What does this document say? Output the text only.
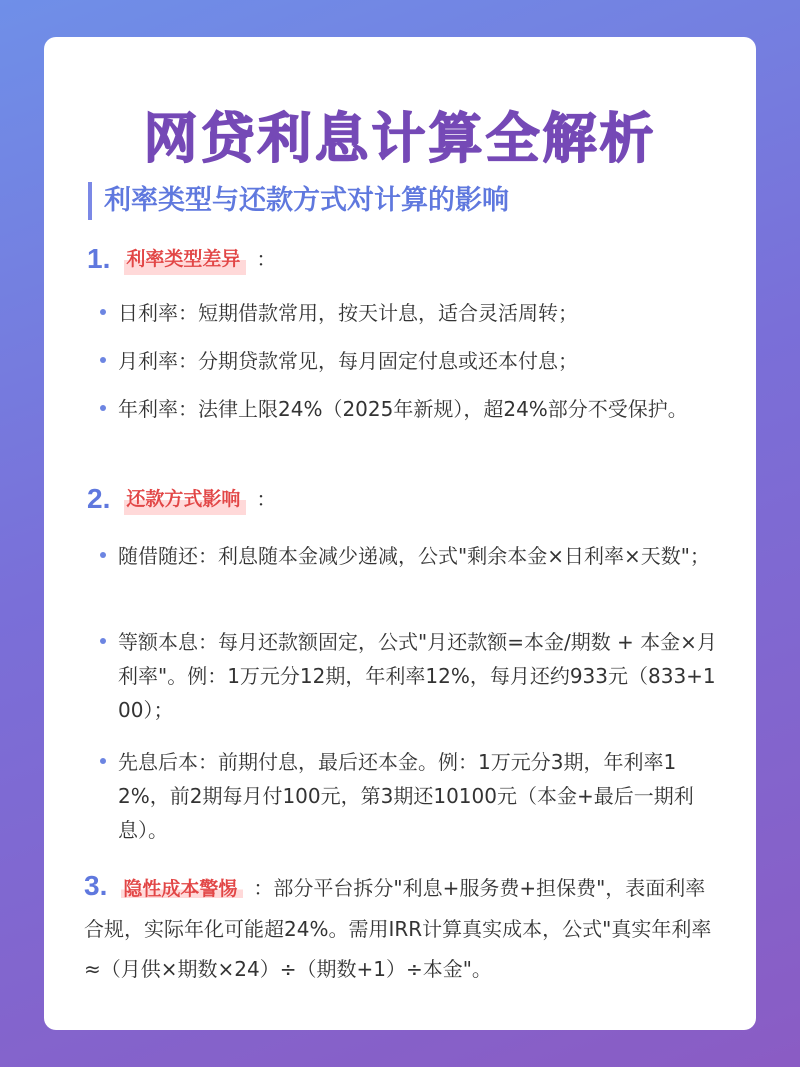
网贷利息计算全解析
利率类型与还款方式对计算的影响
1. 利率类型差异 ：
日利率：短期借款常用，按天计息，适合灵活周转；
月利率：分期贷款常见，每月固定付息或还本付息；
年利率：法律上限24%（2025年新规），超24%部分不受保护。
2. 还款方式影响 ：
随借随还：利息随本金减少递减，公式"剩余本金×日利率×天数"；
等额本息：每月还款额固定，公式"月还款额=本金/期数 + 本金×月利率"。例：1万元分12期，年利率12%，每月还约933元（833+100）；
先息后本：前期付息，最后还本金。例：1万元分3期，年利率12%，前2期每月付100元，第3期还10100元（本金+最后一期利息）。
3. 隐性成本警惕 ：部分平台拆分"利息+服务费+担保费"，表面利率合规，实际年化可能超24%。需用IRR计算真实成本，公式"真实年利率≈（月供×期数×24）÷（期数+1）÷本金"。
